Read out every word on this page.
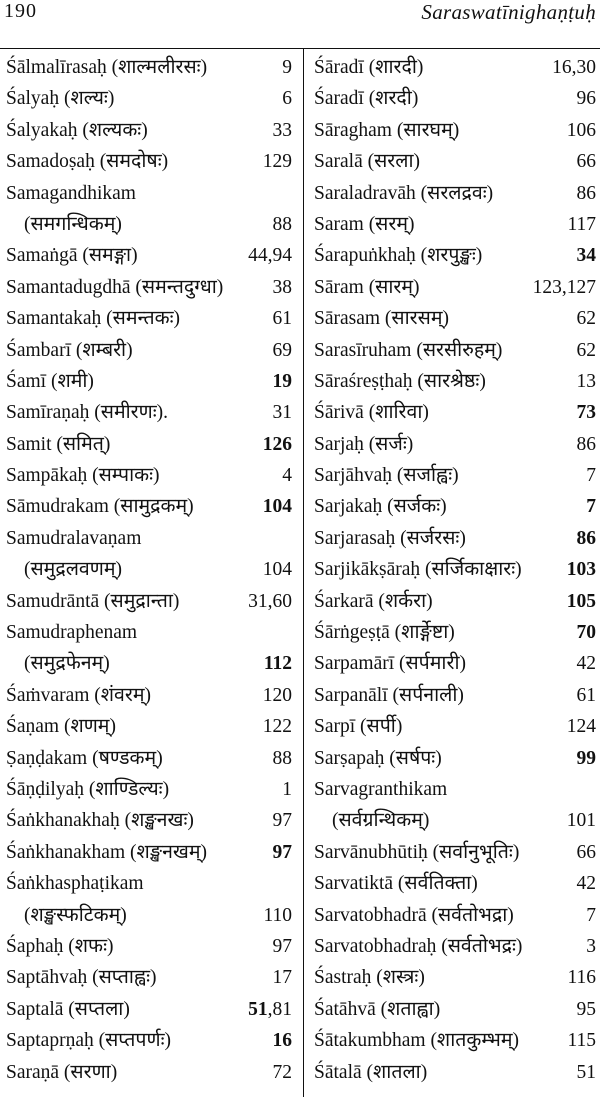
190	Saraswatīnighaṇṭuḥ
Śālmalīrasaḥ (शाल्मलीरसः)	9
Śalyaḥ (शल्यः)	6
Śalyakaḥ (शल्यकः)	33
Samadoṣaḥ (समदोषः)	129
Samagandhikam
(समगन्धिकम्)	88
Samaṅgā (समङ्गा)	44,94
Samantadugdhā (समन्तदुग्धा)	38
Samantakaḥ (समन्तकः)	61
Śambarī (शम्बरी)	69
Śamī (शमी)	19
Samīraṇaḥ (समीरणः).	31
Samit (समित्)	126
Sampākaḥ (सम्पाकः)	4
Sāmudrakam (सामुद्रकम्)	104
Samudralavaṇam
(समुद्रलवणम्)	104
Samudrāntā (समुद्रान्ता)	31,60
Samudraphenam
(समुद्रफेनम्)	112
Śaṁvaram (शंवरम्)	120
Śaṇam (शणम्)	122
Ṣaṇḍakam (षण्डकम्)	88
Śāṇḍilyaḥ (शाण्डिल्यः)	1
Śaṅkhanakhaḥ (शङ्खनखः)	97
Śaṅkhanakham (शङ्खनखम्)	97
Śaṅkhasphaṭikam
(शङ्खस्फटिकम्)	110
Śaphaḥ (शफः)	97
Saptāhvaḥ (सप्ताह्वः)	17
Saptalā (सप्तला)	51,81
Saptaprṇaḥ (सप्तपर्णः)	16
Saraṇā (सरणा)	72
Śāradī (शारदी)	16,30
Śaradī (शरदी)	96
Sāragham (सारघम्)	106
Saralā (सरला)	66
Saraladravāh (सरलद्रवः)	86
Saram (सरम्)	117
Śarapuṅkhaḥ (शरपुङ्खः)	34
Sāram (सारम्)	123,127
Sārasam (सारसम्)	62
Sarasīruham (सरसीरुहम्)	62
Sāraśreṣṭhaḥ (सारश्रेष्ठः)	13
Śārivā (शारिवा)	73
Sarjaḥ (सर्जः)	86
Sarjāhvaḥ (सर्जाह्वः)	7
Sarjakaḥ (सर्जकः)	7
Sarjarasaḥ (सर्जरसः)	86
Sarjikākṣāraḥ (सर्जिकाक्षारः) 103
Śarkarā (शर्करा)	105
Śārṅgeṣṭā (शार्ङ्गेष्टा)	70
Sarpamārī (सर्पमारी)	42
Sarpanālī (सर्पनाली)	61
Sarpī (सर्पी)	124
Sarṣapaḥ (सर्षपः)	99
Sarvagranthikam
(सर्वग्रन्थिकम्)	101
Sarvānubhūtiḥ (सर्वानुभूतिः)	66
Sarvatiktā (सर्वतिक्ता)	42
Sarvatobhadrā (सर्वतोभद्रा)	7
Sarvatobhadraḥ (सर्वतोभद्रः)	3
Śastraḥ (शस्त्रः)	116
Śatāhvā (शताह्वा)	95
Śātakumbham (शातकुम्भम्) 115
Śātalā (शातला)	51
